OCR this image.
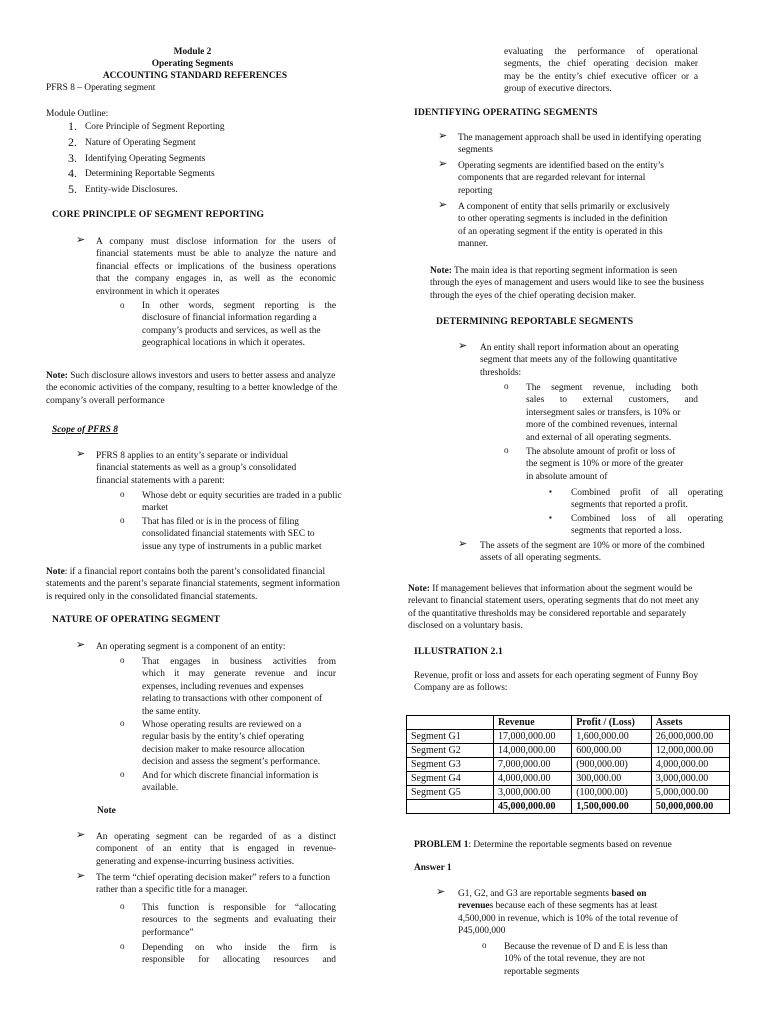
Module 2
Operating Segments
ACCOUNTING STANDARD REFERENCES
PFRS 8 – Operating segment
Module Outline:
1. Core Principle of Segment Reporting
2. Nature of Operating Segment
3. Identifying Operating Segments
4. Determining Reportable Segments
5. Entity-wide Disclosures.
CORE PRINCIPLE OF SEGMENT REPORTING
➢ A company must disclose information for the users of
financial statements must be able to analyze the nature and
financial effects or implications of the business operations
that the company engages in, as well as the economic
environment in which it operates
o In other words, segment reporting is the
disclosure of financial information regarding a
company’s products and services, as well as the
geographical locations in which it operates.
Note: Such disclosure allows investors and users to better assess and analyze
the economic activities of the company, resulting to a better knowledge of the
company’s overall performance
Scope of PFRS 8
➢ PFRS 8 applies to an entity’s separate or individual
financial statements as well as a group’s consolidated
financial statements with a parent:
o Whose debt or equity securities are traded in a public
market
o That has filed or is in the process of filing
consolidated financial statements with SEC to
issue any type of instruments in a public market
Note: if a financial report contains both the parent’s consolidated financial
statements and the parent’s separate financial statements, segment information
is required only in the consolidated financial statements.
NATURE OF OPERATING SEGMENT
➢ An operating segment is a component of an entity:
o That engages in business activities from
which it may generate revenue and incur
expenses, including revenues and expenses
relating to transactions with other component of
the same entity.
o Whose operating results are reviewed on a
regular basis by the entity’s chief operating
decision maker to make resource allocation
decision and assess the segment’s performance.
o And for which discrete financial information is
available.
Note
➢ An operating segment can be regarded of as a distinct
component of an entity that is engaged in revenue-
generating and expense-incurring business activities.
➢ The term “chief operating decision maker” refers to a function
rather than a specific title for a manager.
o This function is responsible for “allocating
resources to the segments and evaluating their
performance”
o Depending on who inside the firm is
responsible for allocating resources and
evaluating the performance of operational
segments, the chief operating decision maker
may be the entity’s chief executive officer or a
group of executive directors.
IDENTIFYING OPERATING SEGMENTS
➢ The management approach shall be used in identifying operating
segments
➢ Operating segments are identified based on the entity’s
components that are regarded relevant for internal
reporting
➢ A component of entity that sells primarily or exclusively
to other operating segments is included in the definition
of an operating segment if the entity is operated in this
manner.
Note: The main idea is that reporting segment information is seen
through the eyes of management and users would like to see the business
through the eyes of the chief operating decision maker.
DETERMINING REPORTABLE SEGMENTS
➢ An entity shall report information about an operating
segment that meets any of the following quantitative
thresholds:
o The segment revenue, including both
sales to external customers, and
intersegment sales or transfers, is 10% or
more of the combined revenues, internal
and external of all operating segments.
o The absolute amount of profit or loss of
the segment is 10% or more of the greater
in absolute amount of
▪ Combined profit of all operating
segments that reported a profit.
▪ Combined loss of all operating
segments that reported a loss.
➢ The assets of the segment are 10% or more of the combined
assets of all operating segments.
Note: If management believes that information about the segment would be
relevant to financial statement users, operating segments that do not meet any
of the quantitative thresholds may be considered reportable and separately
disclosed on a voluntary basis.
ILLUSTRATION 2.1
Revenue, profit or loss and assets for each operating segment of Funny Boy
Company are as follows:
	Revenue	Profit / (Loss)	Assets
Segment G1	17,000,000.00	1,600,000.00	26,000,000.00
Segment G2	14,000,000.00	600,000.00	12,000,000.00
Segment G3	7,000,000.00	(900,000.00)	4,000,000.00
Segment G4	4,000,000.00	300,000.00	3,000,000.00
Segment G5	3,000,000.00	(100,000.00)	5,000,000.00
	45,000,000.00	1,500,000.00	50,000,000.00
PROBLEM 1: Determine the reportable segments based on revenue
Answer 1
➢ G1, G2, and G3 are reportable segments based on
revenues because each of these segments has at least
4,500,000 in revenue, which is 10% of the total revenue of
P45,000,000
o Because the revenue of D and E is less than
10% of the total revenue, they are not
reportable segments
